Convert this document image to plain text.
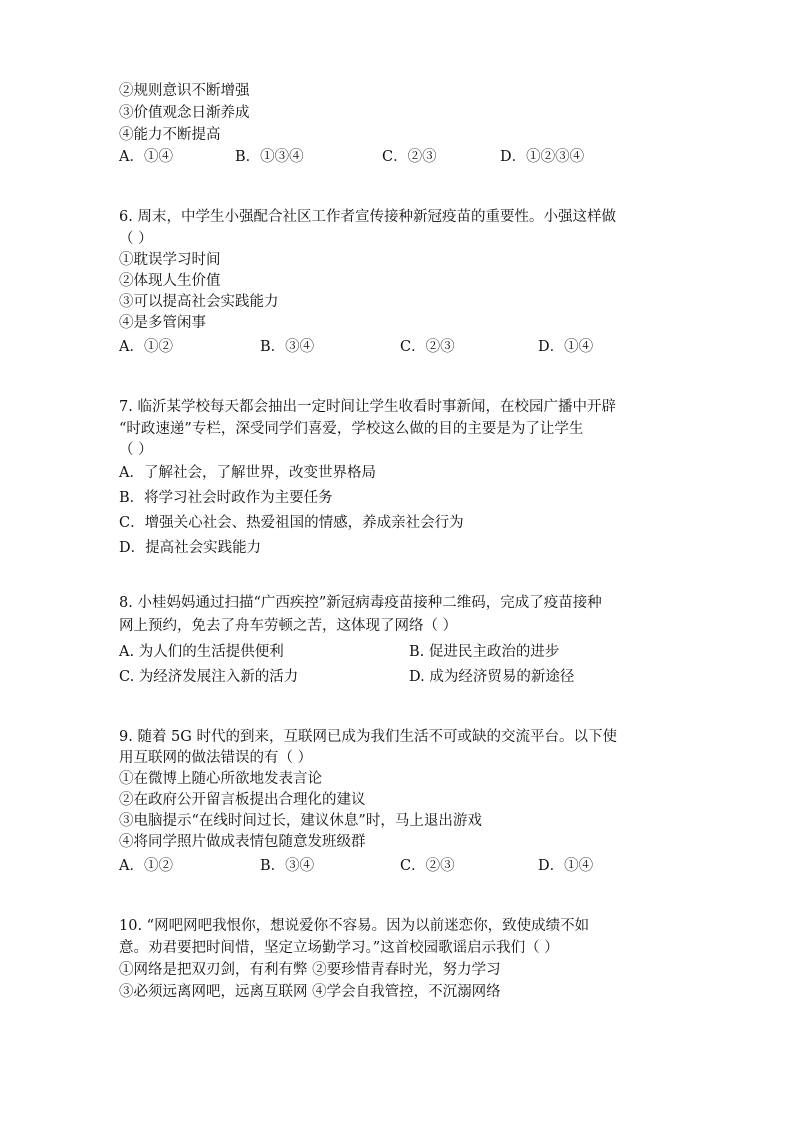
②规则意识不断增强
③价值观念日渐养成
④能力不断提高
A．①④	B．①③④	C．②③	D．①②③④
6. 周末，中学生小强配合社区工作者宣传接种新冠疫苗的重要性。小强这样做
（ ）
①耽误学习时间
②体现人生价值
③可以提高社会实践能力
④是多管闲事
A．①②	B．③④	C．②③	D．①④
7. 临沂某学校每天都会抽出一定时间让学生收看时事新闻，在校园广播中开辟
“时政速递”专栏，深受同学们喜爱，学校这么做的目的主要是为了让学生
（ ）
A．了解社会，了解世界，改变世界格局
B．将学习社会时政作为主要任务
C．增强关心社会、热爱祖国的情感，养成亲社会行为
D．提高社会实践能力
8. 小桂妈妈通过扫描“广西疾控”新冠病毒疫苗接种二维码，完成了疫苗接种
网上预约，免去了舟车劳顿之苦，这体现了网络（ ）
A. 为人们的生活提供便利	B. 促进民主政治的进步
C. 为经济发展注入新的活力	D. 成为经济贸易的新途径
9. 随着 5G 时代的到来，互联网已成为我们生活不可或缺的交流平台。以下使
用互联网的做法错误的有（ ）
①在微博上随心所欲地发表言论
②在政府公开留言板提出合理化的建议
③电脑提示“在线时间过长，建议休息”时，马上退出游戏
④将同学照片做成表情包随意发班级群
A．①②	B．③④	C．②③	D．①④
10. “网吧网吧我恨你，想说爱你不容易。因为以前迷恋你，致使成绩不如
意。劝君要把时间惜，坚定立场勤学习。”这首校园歌谣启示我们（ ）
①网络是把双刃剑，有利有弊 ②要珍惜青春时光，努力学习
③必须远离网吧，远离互联网 ④学会自我管控，不沉溺网络
